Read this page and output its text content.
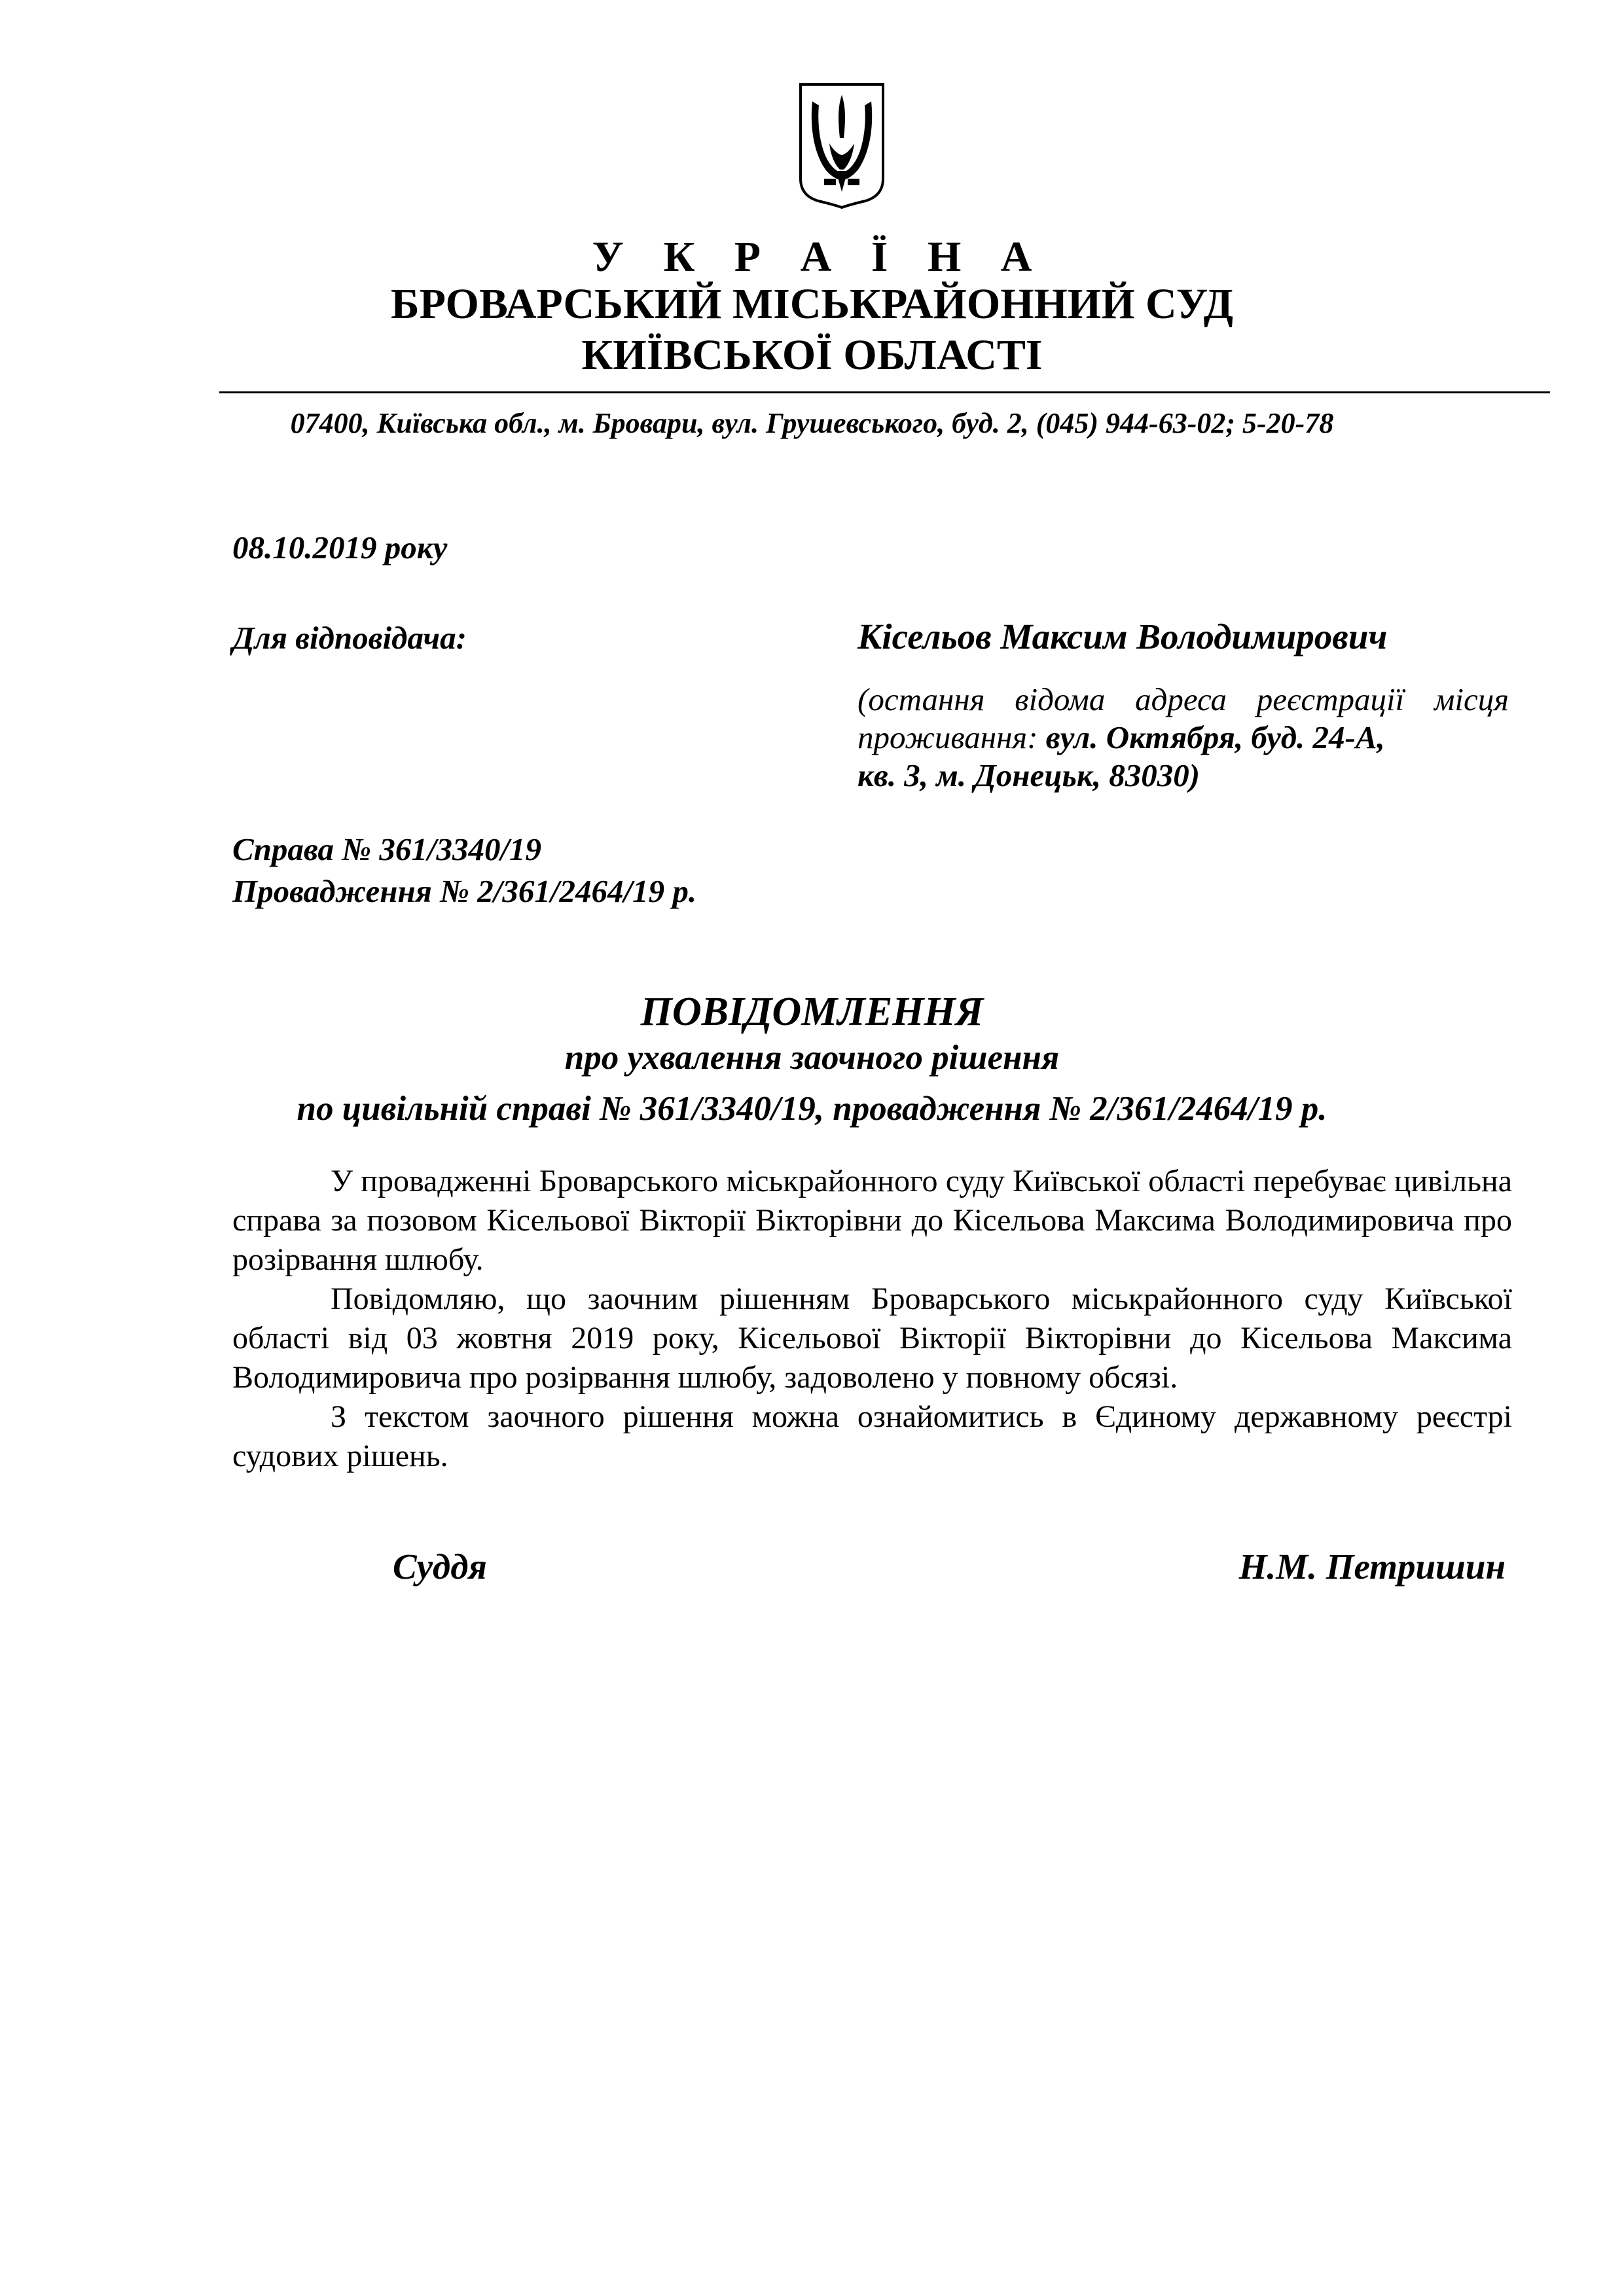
У К Р А Ї Н А
БРОВАРСЬКИЙ МІСЬКРАЙОННИЙ СУД
КИЇВСЬКОЇ ОБЛАСТІ
07400, Київська обл., м. Бровари, вул. Грушевського, буд. 2, (045) 944-63-02; 5-20-78
08.10.2019 року
Для відповідача:	Кісельов Максим Володимирович
(остання відома адреса реєстрації місця
проживання: вул. Октября, буд. 24-А,
кв. 3, м. Донецьк, 83030)
Справа № 361/3340/19
Провадження № 2/361/2464/19 р.
ПОВІДОМЛЕННЯ
про ухвалення заочного рішення
по цивільній справі № 361/3340/19, провадження № 2/361/2464/19 р.

У провадженні Броварського міськрайонного суду Київської області перебуває цивільна справа за позовом Кісельової Вікторії Вікторівни до Кісельова Максима Володимировича про розірвання шлюбу.

Повідомляю, що заочним рішенням Броварського міськрайонного суду Київської області від 03 жовтня 2019 року, Кісельової Вікторії Вікторівни до Кісельова Максима Володимировича про розірвання шлюбу, задоволено у повному обсязі.

З текстом заочного рішення можна ознайомитись в Єдиному державному реєстрі судових рішень.

Суддя	Н.М. Петришин
